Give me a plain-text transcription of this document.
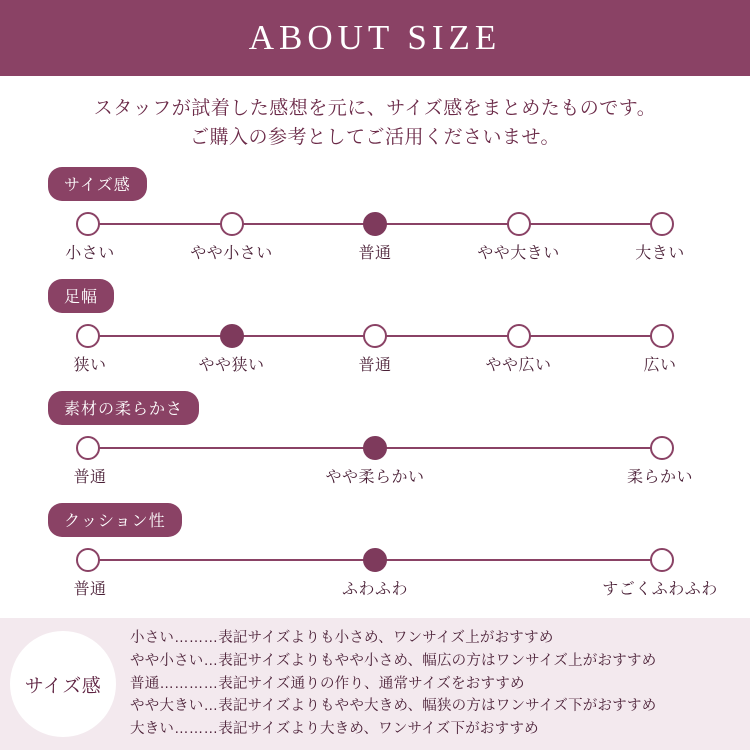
ABOUT SIZE
スタッフが試着した感想を元に、サイズ感をまとめたものです。
ご購入の参考としてご活用くださいませ。
サイズ感
小さい	やや小さい	普通	やや大きい	大きい
足幅
狭い	やや狭い	普通	やや広い	広い
素材の柔らかさ
普通	やや柔らかい	柔らかい
クッション性
普通	ふわふわ	すごくふわふわ
サイズ感
小さい………表記サイズよりも小さめ、ワンサイズ上がおすすめ
やや小さい…表記サイズよりもやや小さめ、幅広の方はワンサイズ上がおすすめ
普通…………表記サイズ通りの作り、通常サイズをおすすめ
やや大きい…表記サイズよりもやや大きめ、幅狭の方はワンサイズ下がおすすめ
大きい………表記サイズより大きめ、ワンサイズ下がおすすめ
